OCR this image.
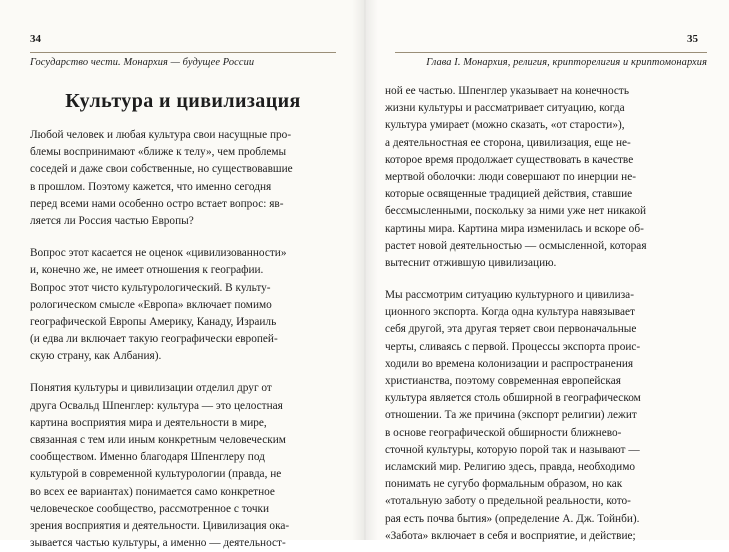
34
Государство чести. Монархия — будущее России
Культура и цивилизация
Любой человек и любая культура свои насущные про-
блемы воспринимают «ближе к телу», чем проблемы
соседей и даже свои собственные, но существовавшие
в прошлом. Поэтому кажется, что именно сегодня
перед всеми нами особенно остро встает вопрос: яв-
ляется ли Россия частью Европы?
Вопрос этот касается не оценок «цивилизованности»
и, конечно же, не имеет отношения к географии.
Вопрос этот чисто культурологический. В культу-
рологическом смысле «Европа» включает помимо
географической Европы Америку, Канаду, Израиль
(и едва ли включает такую географически европей-
скую страну, как Албания).
Понятия культуры и цивилизации отделил друг от
друга Освальд Шпенглер: культура — это целостная
картина восприятия мира и деятельности в мире,
связанная с тем или иным конкретным человеческим
сообществом. Именно благодаря Шпенглеру под
культурой в современной культурологии (правда, не
во всех ее вариантах) понимается само конкретное
человеческое сообщество, рассмотренное с точки
зрения восприятия и деятельности. Цивилизация ока-
зывается частью культуры, а именно — деятельност-
35
Глава I. Монархия, религия, крипторелигия и криптомонархия
ной ее частью. Шпенглер указывает на конечность
жизни культуры и рассматривает ситуацию, когда
культура умирает (можно сказать, «от старости»),
а деятельностная ее сторона, цивилизация, еще не-
которое время продолжает существовать в качестве
мертвой оболочки: люди совершают по инерции не-
которые освященные традицией действия, ставшие
бессмысленными, поскольку за ними уже нет никакой
картины мира. Картина мира изменилась и вскоре об-
растет новой деятельностью — осмысленной, которая
вытеснит отжившую цивилизацию.
Мы рассмотрим ситуацию культурного и цивилиза-
ционного экспорта. Когда одна культура навязывает
себя другой, эта другая теряет свои первоначальные
черты, сливаясь с первой. Процессы экспорта проис-
ходили во времена колонизации и распространения
христианства, поэтому современная европейская
культура является столь обширной в географическом
отношении. Та же причина (экспорт религии) лежит
в основе географической обширности ближнево-
сточной культуры, которую порой так и называют —
исламский мир. Религию здесь, правда, необходимо
понимать не сугубо формальным образом, но как
«тотальную заботу о предельной реальности, кото-
рая есть почва бытия» (определение А. Дж. Тойнби).
«Забота» включает в себя и восприятие, и действие;
